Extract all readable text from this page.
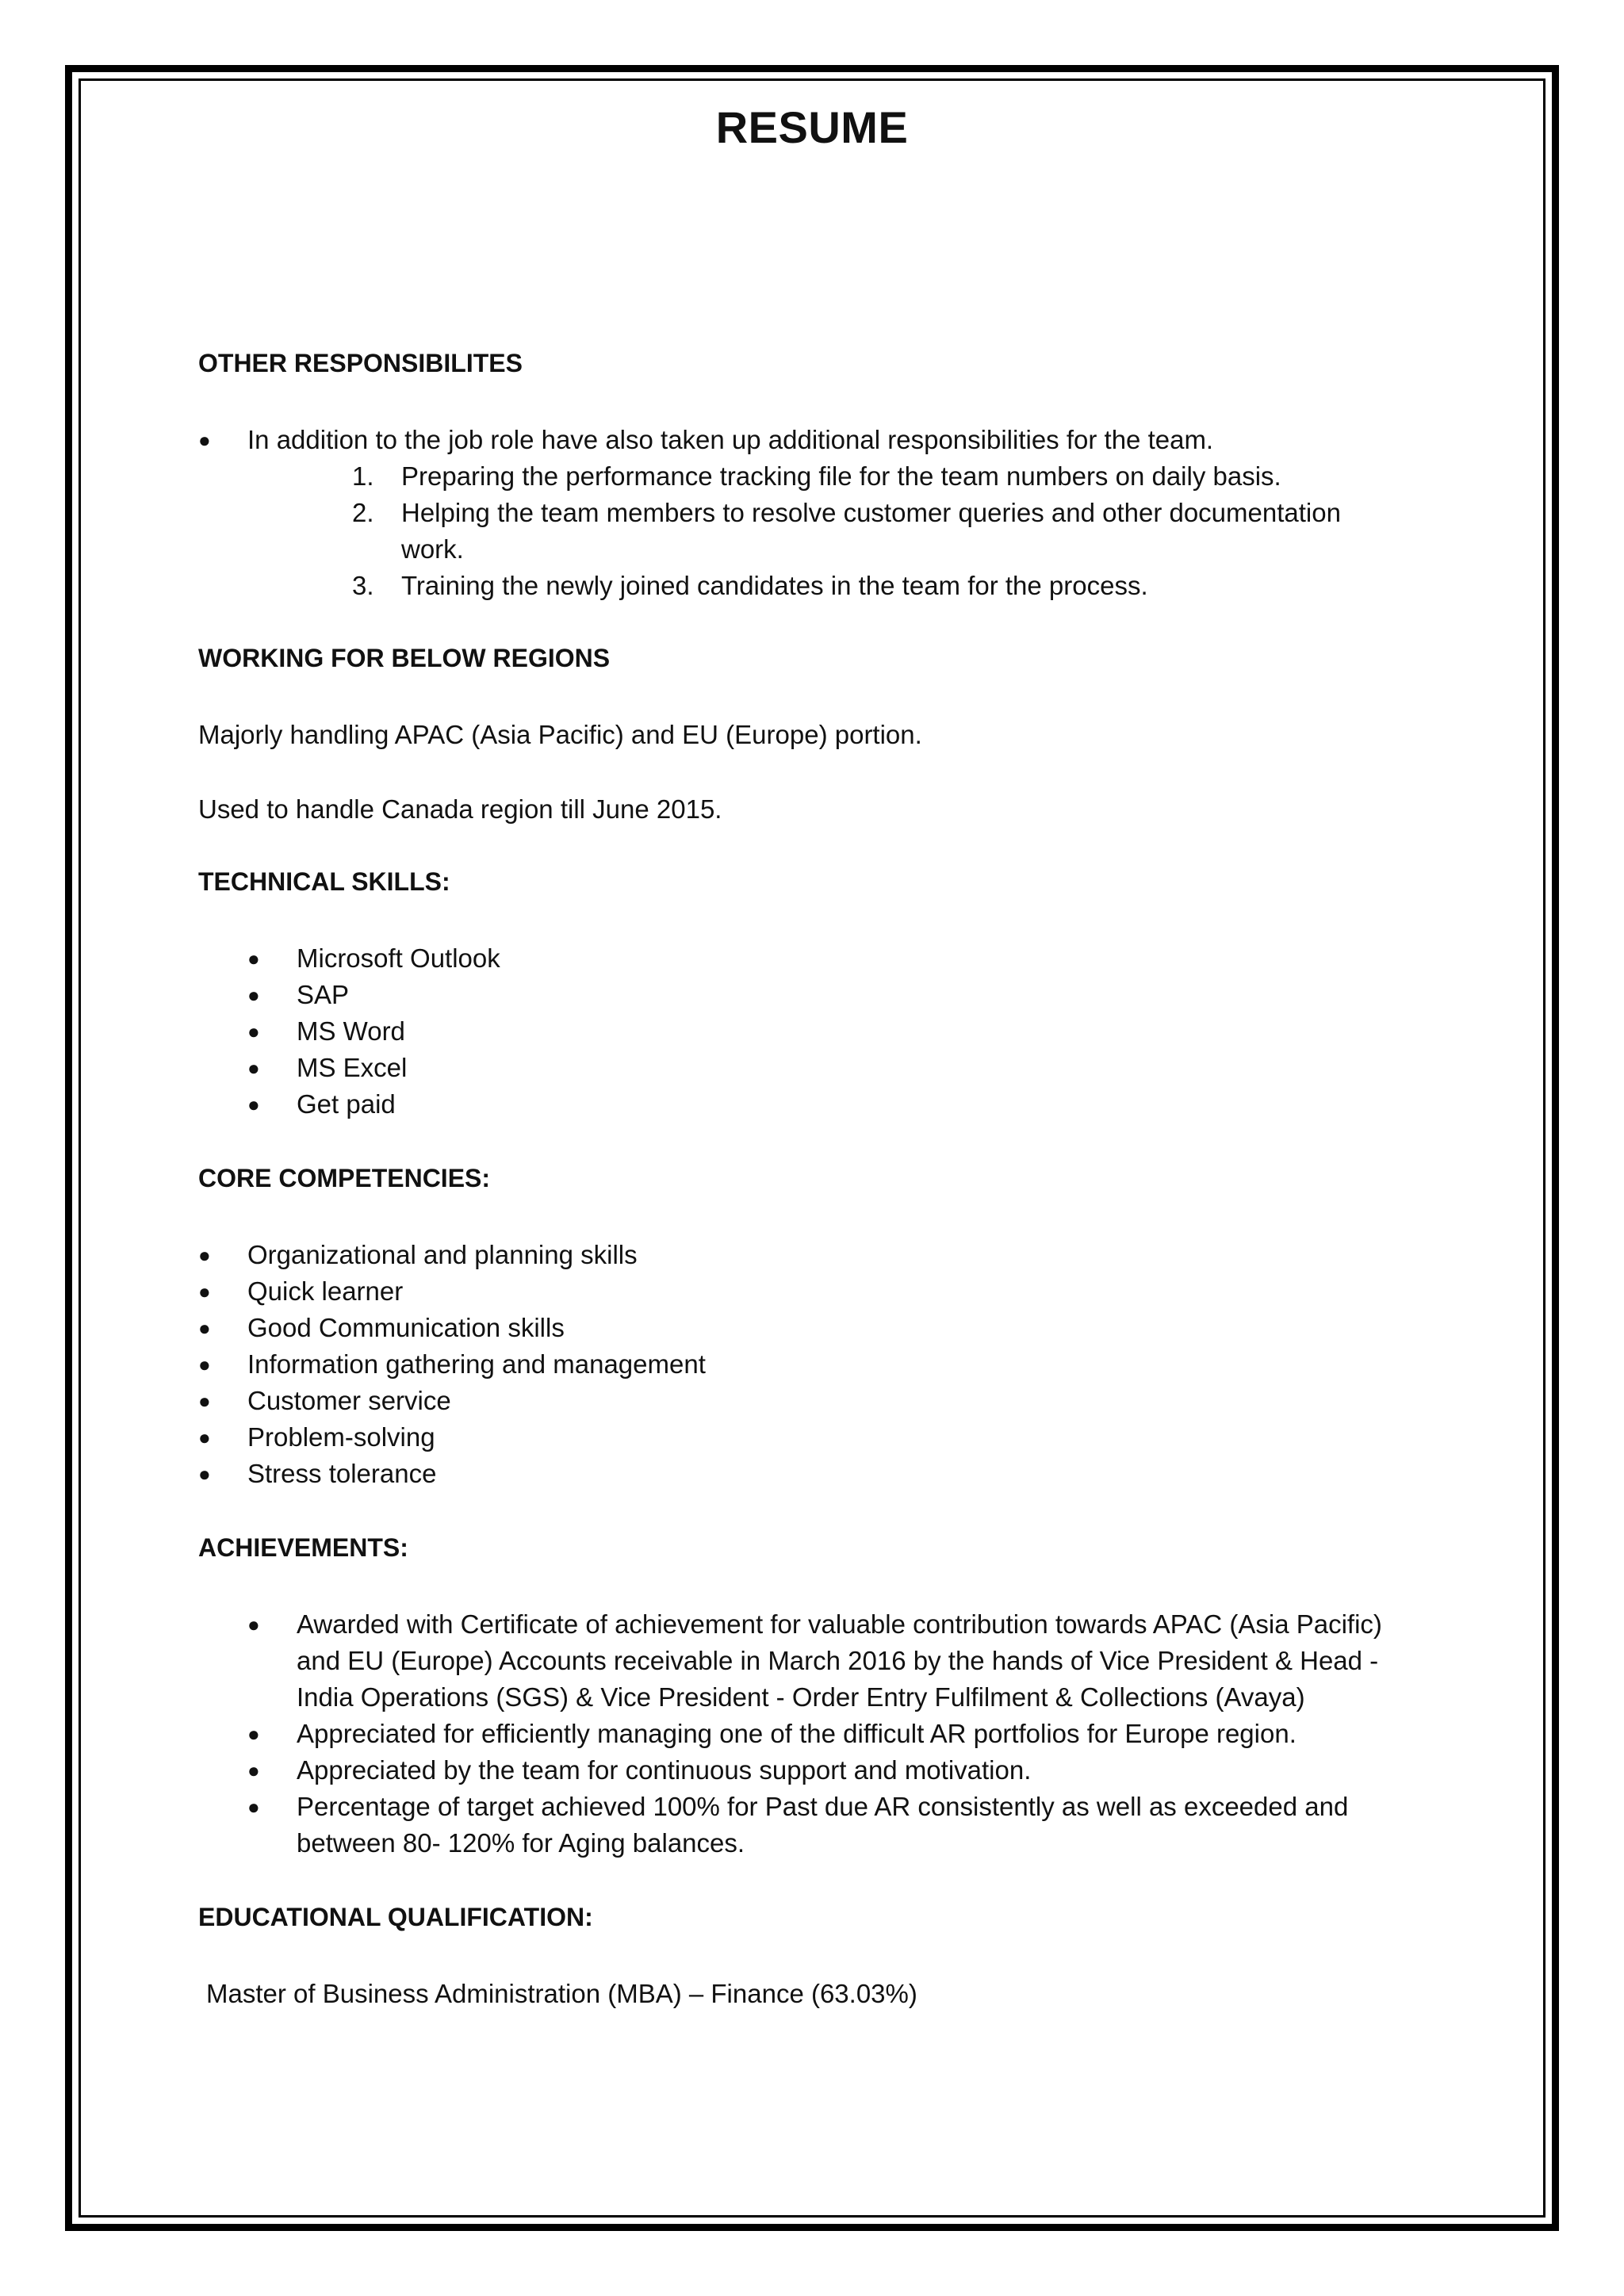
RESUME
OTHER RESPONSIBILITES
● In addition to the job role have also taken up additional responsibilities for the team.
1. Preparing the performance tracking file for the team numbers on daily basis.
2. Helping the team members to resolve customer queries and other documentation work.
3. Training the newly joined candidates in the team for the process.
WORKING FOR BELOW REGIONS
Majorly handling APAC (Asia Pacific) and EU (Europe) portion.
Used to handle Canada region till June 2015.
TECHNICAL SKILLS:
● Microsoft Outlook
● SAP
● MS Word
● MS Excel
● Get paid
CORE COMPETENCIES:
● Organizational and planning skills
● Quick learner
● Good Communication skills
● Information gathering and management
● Customer service
● Problem-solving
● Stress tolerance
ACHIEVEMENTS:
● Awarded with Certificate of achievement for valuable contribution towards APAC (Asia Pacific) and EU (Europe) Accounts receivable in March 2016 by the hands of Vice President & Head - India Operations (SGS) & Vice President - Order Entry Fulfilment & Collections (Avaya)
● Appreciated for efficiently managing one of the difficult AR portfolios for Europe region.
● Appreciated by the team for continuous support and motivation.
● Percentage of target achieved 100% for Past due AR consistently as well as exceeded and between 80- 120% for Aging balances.
EDUCATIONAL QUALIFICATION:
Master of Business Administration (MBA) – Finance (63.03%)
